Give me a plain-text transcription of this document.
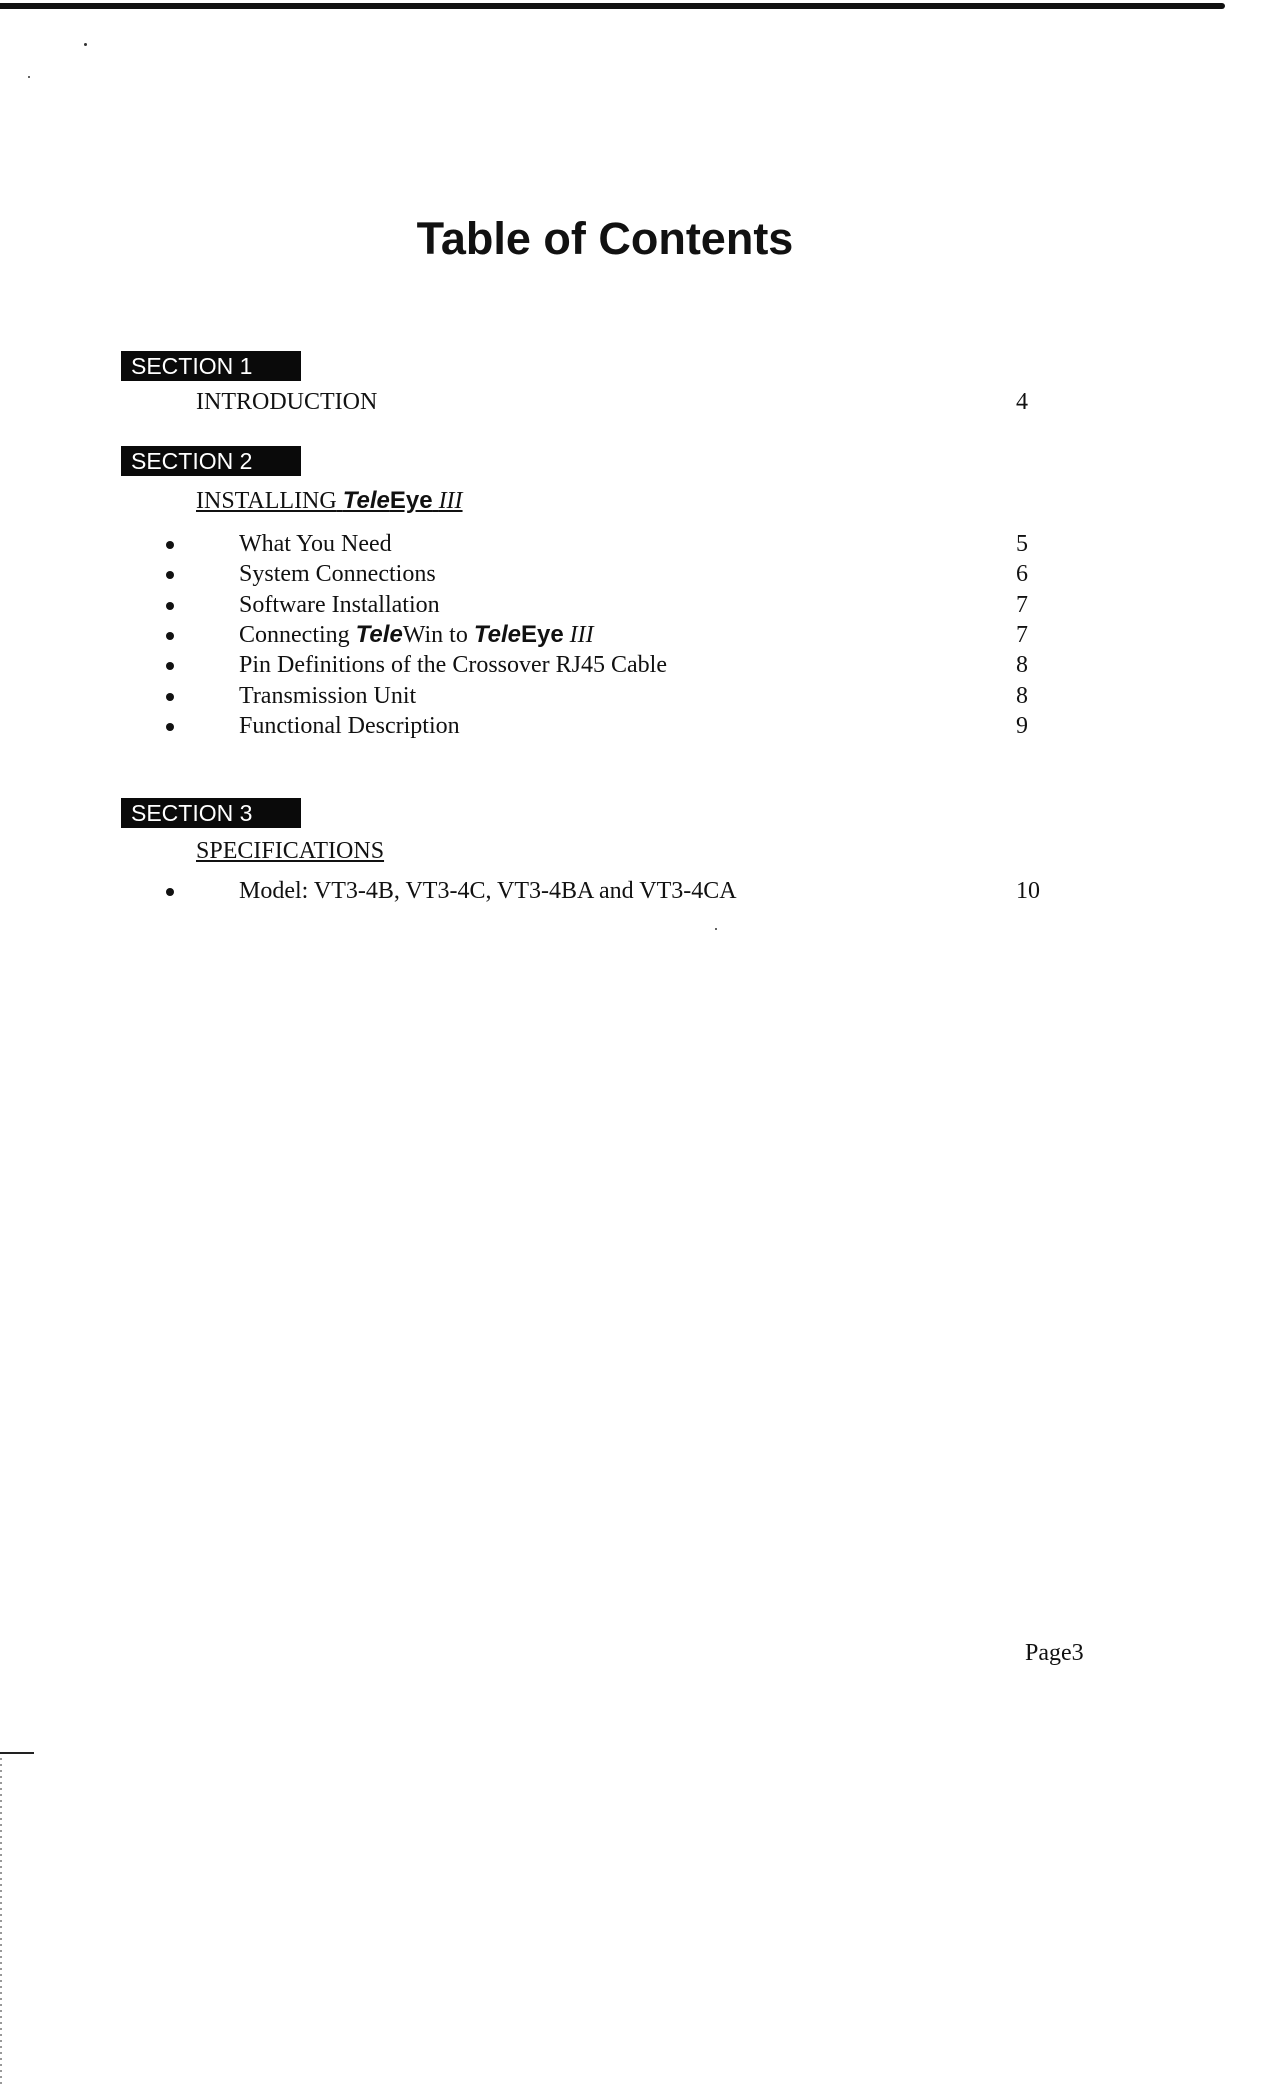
Table of Contents
SECTION 1
INTRODUCTION	4
SECTION 2
INSTALLING TeleEye III
What You Need	5
System Connections	6
Software Installation	7
Connecting TeleWin to TeleEye III	7
Pin Definitions of the Crossover RJ45 Cable	8
Transmission Unit	8
Functional Description	9
SECTION 3
SPECIFICATIONS
Model: VT3-4B, VT3-4C, VT3-4BA and VT3-4CA	10
Page3
